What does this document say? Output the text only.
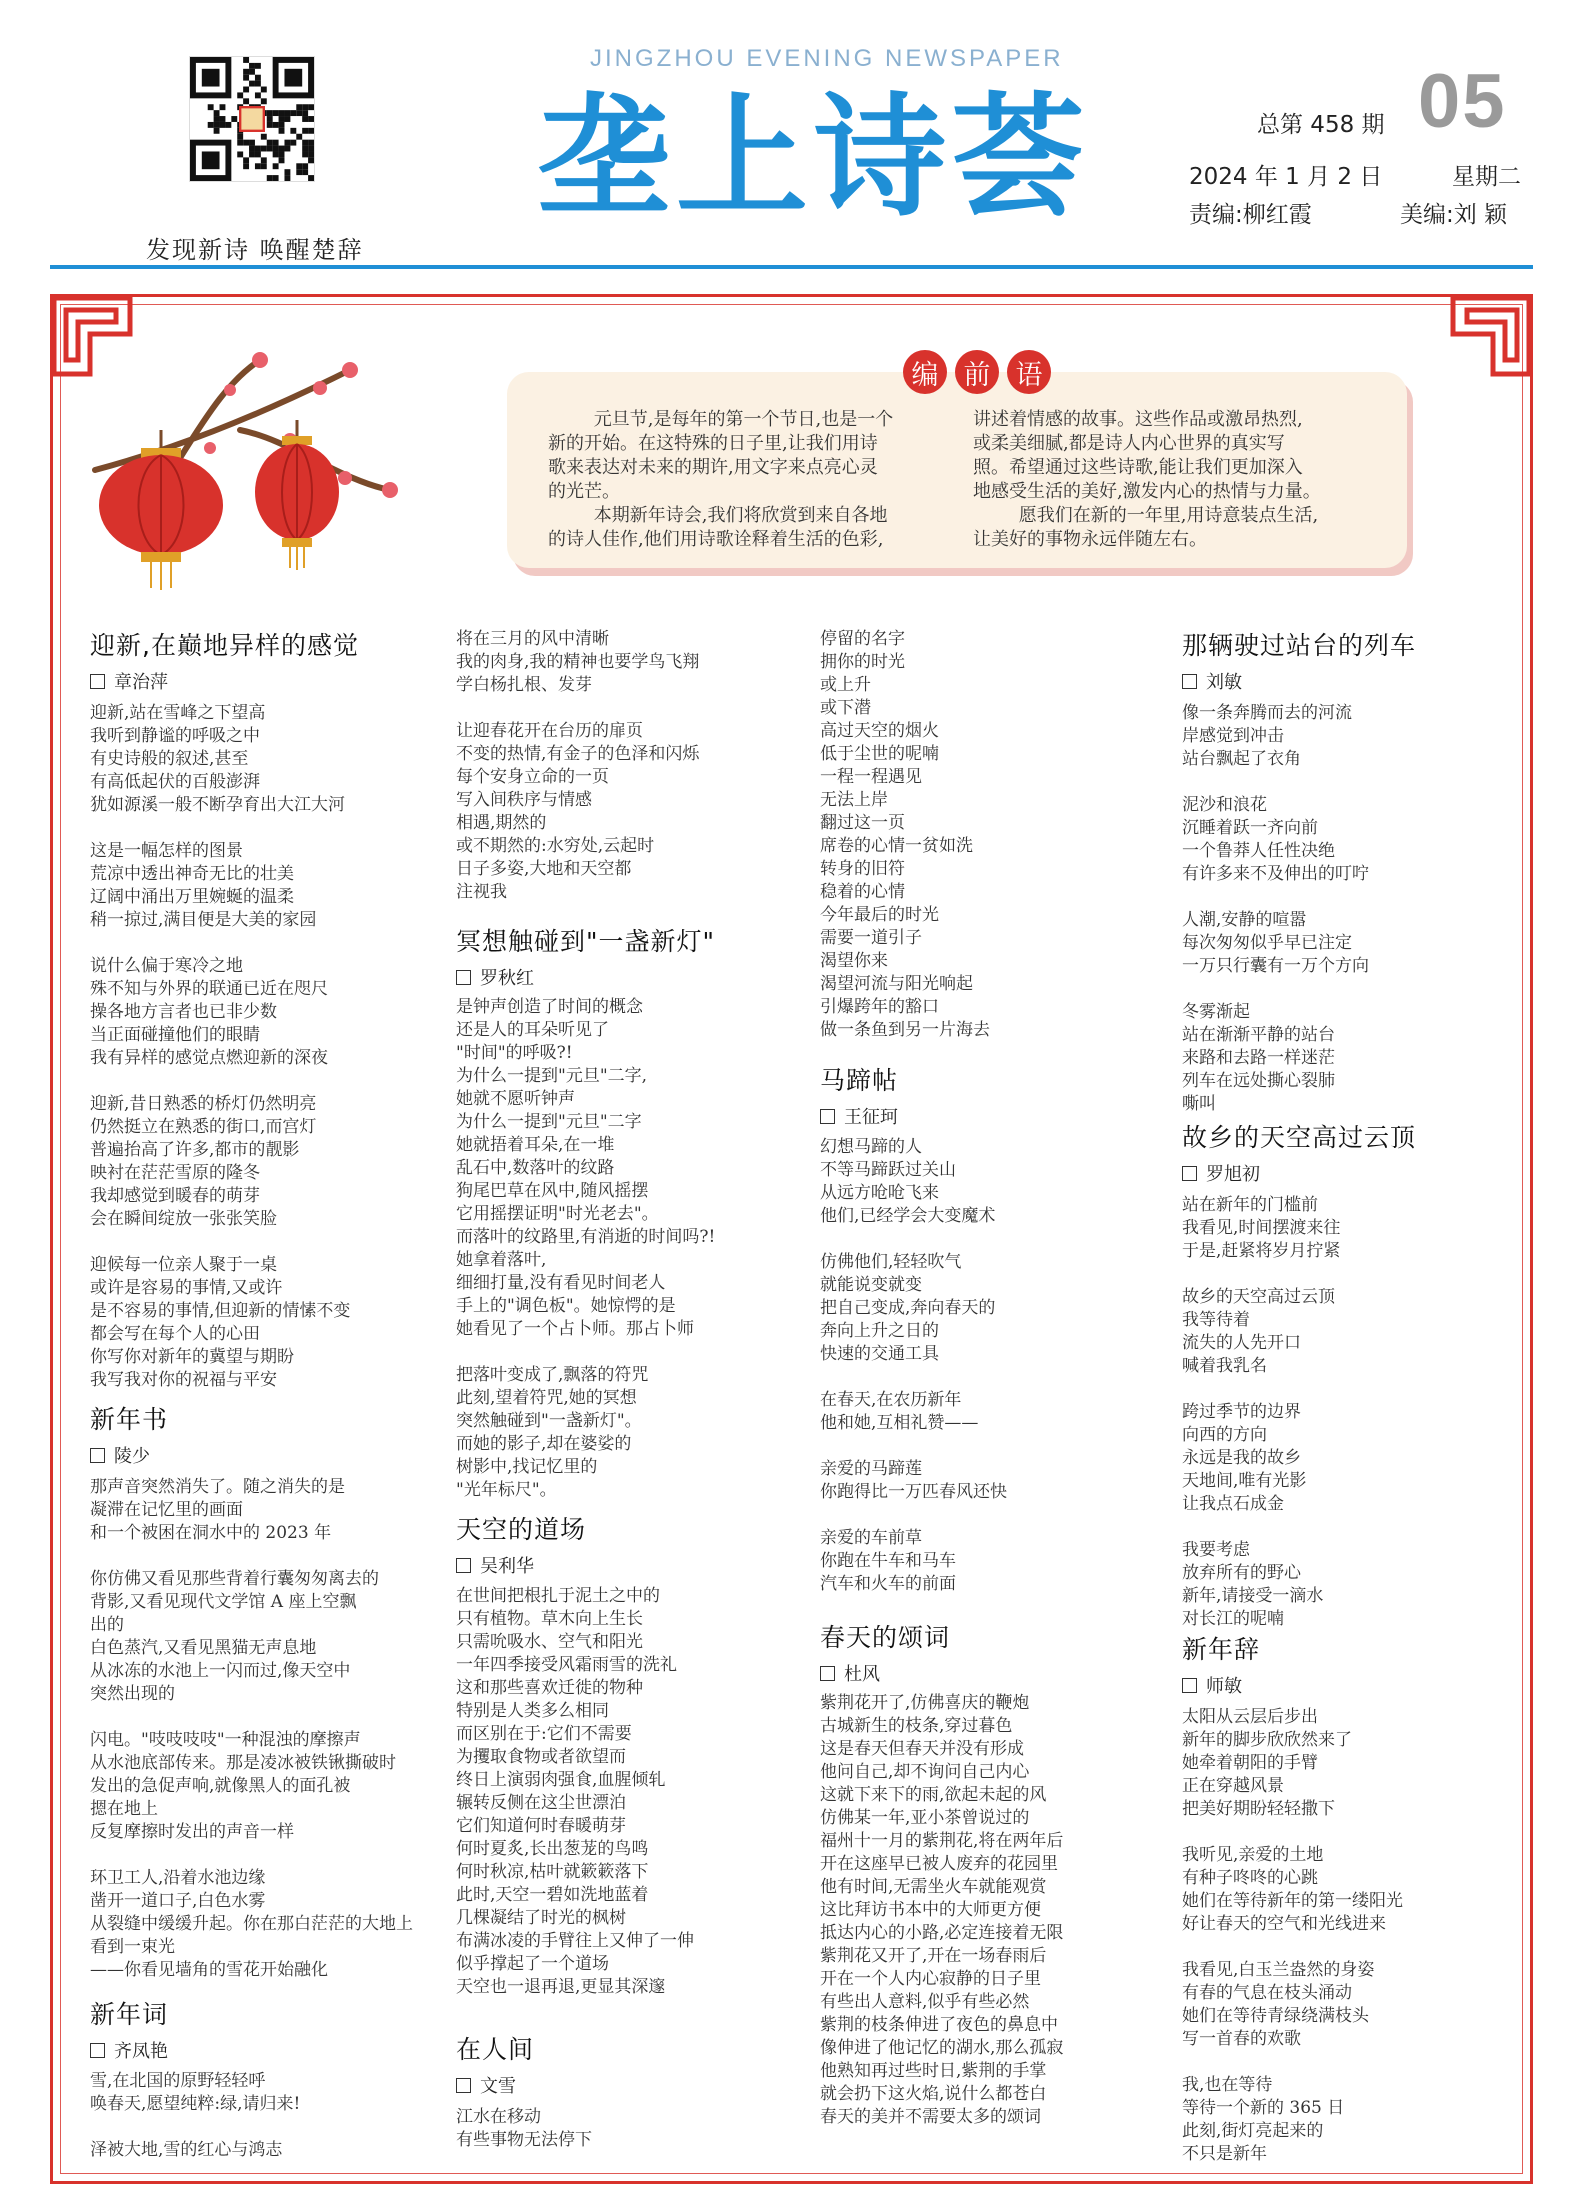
发现新诗 唤醒楚辞
JINGZHOU EVENING NEWSPAPER
垄上诗荟	总第 458 期 05
2024 年 1 月 2 日	星期二
责编:柳红霞	美编:刘 颖
编 前 语
元旦节,是每年的第一个节日,也是一个
新的开始。在这特殊的日子里,让我们用诗
歌来表达对未来的期许,用文字来点亮心灵
的光芒。
本期新年诗会,我们将欣赏到来自各地
的诗人佳作,他们用诗歌诠释着生活的色彩,
讲述着情感的故事。这些作品或激昂热烈,
或柔美细腻,都是诗人内心世界的真实写
照。希望通过这些诗歌,能让我们更加深入
地感受生活的美好,激发内心的热情与力量。
愿我们在新的一年里,用诗意装点生活,
让美好的事物永远伴随左右。
迎新,在巅地异样的感觉
章治萍
迎新,站在雪峰之下望高
我听到静谧的呼吸之中
有史诗般的叙述,甚至
有高低起伏的百般澎湃
犹如源溪一般不断孕育出大江大河

这是一幅怎样的图景
荒凉中透出神奇无比的壮美
辽阔中涌出万里婉蜒的温柔
稍一掠过,满目便是大美的家园

说什么偏于寒冷之地
殊不知与外界的联通已近在咫尺
操各地方言者也已非少数
当正面碰撞他们的眼睛
我有异样的感觉点燃迎新的深夜

迎新,昔日熟悉的桥灯仍然明亮
仍然挺立在熟悉的街口,而宫灯
普遍抬高了许多,都市的靓影
映衬在茫茫雪原的隆冬
我却感觉到暖春的萌芽
会在瞬间绽放一张张笑脸

迎候每一位亲人聚于一桌
或许是容易的事情,又或许
是不容易的事情,但迎新的情愫不变
都会写在每个人的心田
你写你对新年的冀望与期盼
我写我对你的祝福与平安
新年书
陵少
那声音突然消失了。随之消失的是
凝滞在记忆里的画面
和一个被困在洞水中的 2023 年

你仿佛又看见那些背着行囊匆匆离去的
背影,又看见现代文学馆 A 座上空飘
出的
白色蒸汽,又看见黑猫无声息地
从冰冻的水池上一闪而过,像天空中
突然出现的

闪电。"吱吱吱吱"一种混浊的摩擦声
从水池底部传来。那是凌冰被铁锹撕破时
发出的急促声响,就像黑人的面孔被
摁在地上
反复摩擦时发出的声音一样

环卫工人,沿着水池边缘
凿开一道口子,白色水雾
从裂缝中缓缓升起。你在那白茫茫的大地上
看到一束光
——你看见墙角的雪花开始融化
新年词
齐凤艳
雪,在北国的原野轻轻呼
唤春天,愿望纯粹:绿,请归来!

泽被大地,雪的红心与鸿志
将在三月的风中清晰
我的肉身,我的精神也要学鸟飞翔
学白杨扎根、发芽

让迎春花开在台历的扉页
不变的热情,有金子的色泽和闪烁
每个安身立命的一页
写入间秩序与情感
相遇,期然的
或不期然的:水穷处,云起时
日子多姿,大地和天空都
注视我
冥想触碰到"一盏新灯"
罗秋红
是钟声创造了时间的概念
还是人的耳朵听见了
"时间"的呼吸?!
为什么一提到"元旦"二字,
她就不愿听钟声
为什么一提到"元旦"二字
她就捂着耳朵,在一堆
乱石中,数落叶的纹路
狗尾巴草在风中,随风摇摆
它用摇摆证明"时光老去"。
而落叶的纹路里,有消逝的时间吗?!
她拿着落叶,
细细打量,没有看见时间老人
手上的"调色板"。她惊愕的是
她看见了一个占卜师。那占卜师

把落叶变成了,飘落的符咒
此刻,望着符咒,她的冥想
突然触碰到"一盏新灯"。
而她的影子,却在婆娑的
树影中,找记忆里的
"光年标尺"。
天空的道场
吴利华
在世间把根扎于泥土之中的
只有植物。草木向上生长
只需吮吸水、空气和阳光
一年四季接受风霜雨雪的洗礼
这和那些喜欢迁徙的物种
特别是人类多么相同
而区别在于:它们不需要
为攫取食物或者欲望而
终日上演弱肉强食,血腥倾轧
辗转反侧在这尘世漂泊
它们知道何时春暖萌芽
何时夏炙,长出葱茏的鸟鸣
何时秋凉,枯叶就簌簌落下
此时,天空一碧如洗地蓝着
几棵凝结了时光的枫树
布满冰凌的手臂往上又伸了一伸
似乎撑起了一个道场
天空也一退再退,更显其深邃
在人间
文雪
江水在移动
有些事物无法停下
停留的名字
拥你的时光
或上升
或下潜
高过天空的烟火
低于尘世的呢喃
一程一程遇见
无法上岸
翻过这一页
席卷的心情一贫如洗
转身的旧符
稳着的心情
今年最后的时光
需要一道引子
渴望你来
渴望河流与阳光响起
引爆跨年的豁口
做一条鱼到另一片海去
马蹄帖
王征珂
幻想马蹄的人
不等马蹄跃过关山
从远方呛呛飞来
他们,已经学会大变魔术

仿佛他们,轻轻吹气
就能说变就变
把自己变成,奔向春天的
奔向上升之日的
快速的交通工具

在春天,在农历新年
他和她,互相礼赞——

亲爱的马蹄莲
你跑得比一万匹春风还快

亲爱的车前草
你跑在牛车和马车
汽车和火车的前面
春天的颂词
杜风
紫荆花开了,仿佛喜庆的鞭炮
古城新生的枝条,穿过暮色
这是春天但春天并没有形成
他问自己,却不询问自己内心
这就下来下的雨,欲起未起的风
仿佛某一年,亚小茶曾说过的
福州十一月的紫荆花,将在两年后
开在这座早已被人废弃的花园里
他有时间,无需坐火车就能观赏
这比拜访书本中的大师更方便
抵达内心的小路,必定连接着无限
紫荆花又开了,开在一场春雨后
开在一个人内心寂静的日子里
有些出人意料,似乎有些必然
紫荆的枝条伸进了夜色的鼻息中
像伸进了他记忆的湖水,那么孤寂
他熟知再过些时日,紫荆的手掌
就会扔下这火焰,说什么都苍白
春天的美并不需要太多的颂词
那辆驶过站台的列车
刘敏
像一条奔腾而去的河流
岸感觉到冲击
站台飘起了衣角

泥沙和浪花
沉睡着跃一齐向前
一个鲁莽人任性决绝
有许多来不及伸出的叮咛

人潮,安静的喧嚣
每次匆匆似乎早已注定
一万只行囊有一万个方向

冬雾渐起
站在渐渐平静的站台
来路和去路一样迷茫
列车在远处撕心裂肺
嘶叫
故乡的天空高过云顶
罗旭初
站在新年的门槛前
我看见,时间摆渡来往
于是,赶紧将岁月拧紧

故乡的天空高过云顶
我等待着
流失的人先开口
喊着我乳名

跨过季节的边界
向西的方向
永远是我的故乡
天地间,唯有光影
让我点石成金

我要考虑
放弃所有的野心
新年,请接受一滴水
对长江的呢喃
新年辞
师敏
太阳从云层后步出
新年的脚步欣欣然来了
她牵着朝阳的手臂
正在穿越风景
把美好期盼轻轻撒下

我听见,亲爱的土地
有种子咚咚的心跳
她们在等待新年的第一缕阳光
好让春天的空气和光线进来

我看见,白玉兰盎然的身姿
有春的气息在枝头涌动
她们在等待青绿绕满枝头
写一首春的欢歌

我,也在等待
等待一个新的 365 日
此刻,街灯亮起来的
不只是新年
